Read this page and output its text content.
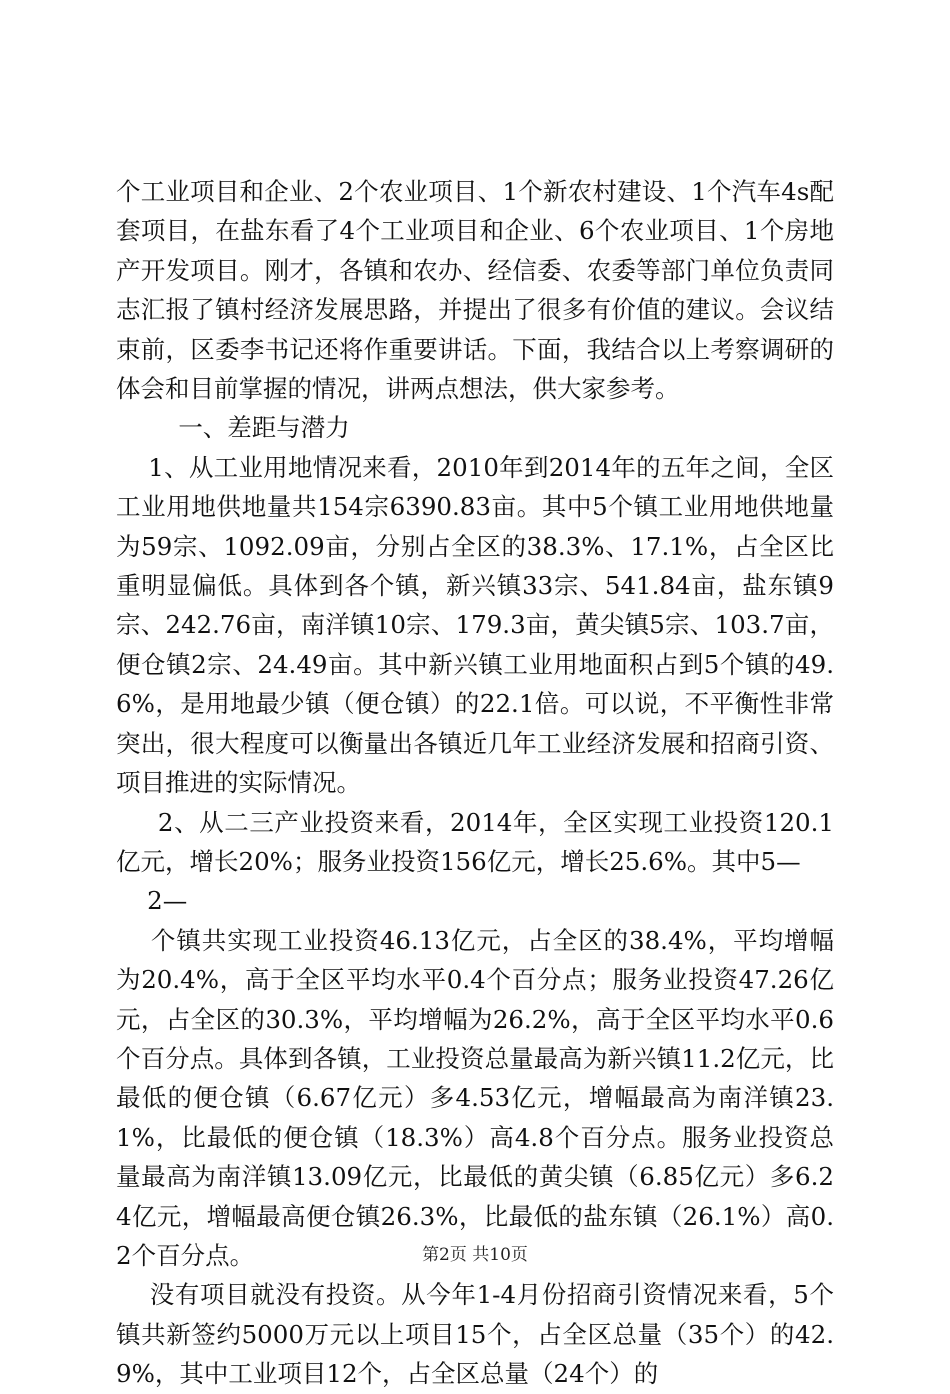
个工业项目和企业、2个农业项目、1个新农村建设、1个汽车4s配套项目，在盐东看了4个工业项目和企业、6个农业项目、1个房地产开发项目。刚才，各镇和农办、经信委、农委等部门单位负责同志汇报了镇村经济发展思路，并提出了很多有价值的建议。会议结束前，区委李书记还将作重要讲话。下面，我结合以上考察调研的体会和目前掌握的情况，讲两点想法，供大家参考。

一、差距与潜力

1、从工业用地情况来看，2010年到2014年的五年之间，全区工业用地供地量共154宗6390.83亩。其中5个镇工业用地供地量为59宗、1092.09亩，分别占全区的38.3%、17.1%，占全区比重明显偏低。具体到各个镇，新兴镇33宗、541.84亩，盐东镇9宗、242.76亩，南洋镇10宗、179.3亩，黄尖镇5宗、103.7亩，便仓镇2宗、24.49亩。其中新兴镇工业用地面积占到5个镇的49.6%，是用地最少镇（便仓镇）的22.1倍。可以说，不平衡性非常突出，很大程度可以衡量出各镇近几年工业经济发展和招商引资、项目推进的实际情况。

2、从二三产业投资来看，2014年，全区实现工业投资120.1亿元，增长20%；服务业投资156亿元，增长25.6%。其中5—

2—

个镇共实现工业投资46.13亿元，占全区的38.4%，平均增幅为20.4%，高于全区平均水平0.4个百分点；服务业投资47.26亿元，占全区的30.3%，平均增幅为26.2%，高于全区平均水平0.6个百分点。具体到各镇，工业投资总量最高为新兴镇11.2亿元，比最低的便仓镇（6.67亿元）多4.53亿元，增幅最高为南洋镇23.1%，比最低的便仓镇（18.3%）高4.8个百分点。服务业投资总量最高为南洋镇13.09亿元，比最低的黄尖镇（6.85亿元）多6.24亿元，增幅最高便仓镇26.3%，比最低的盐东镇（26.1%）高0.2个百分点。

没有项目就没有投资。从今年1-4月份招商引资情况来看，5个镇共新签约5000万元以上项目15个，占全区总量（35个）的42.9%，其中工业项目12个，占全区总量（24个）的

第2页 共10页
